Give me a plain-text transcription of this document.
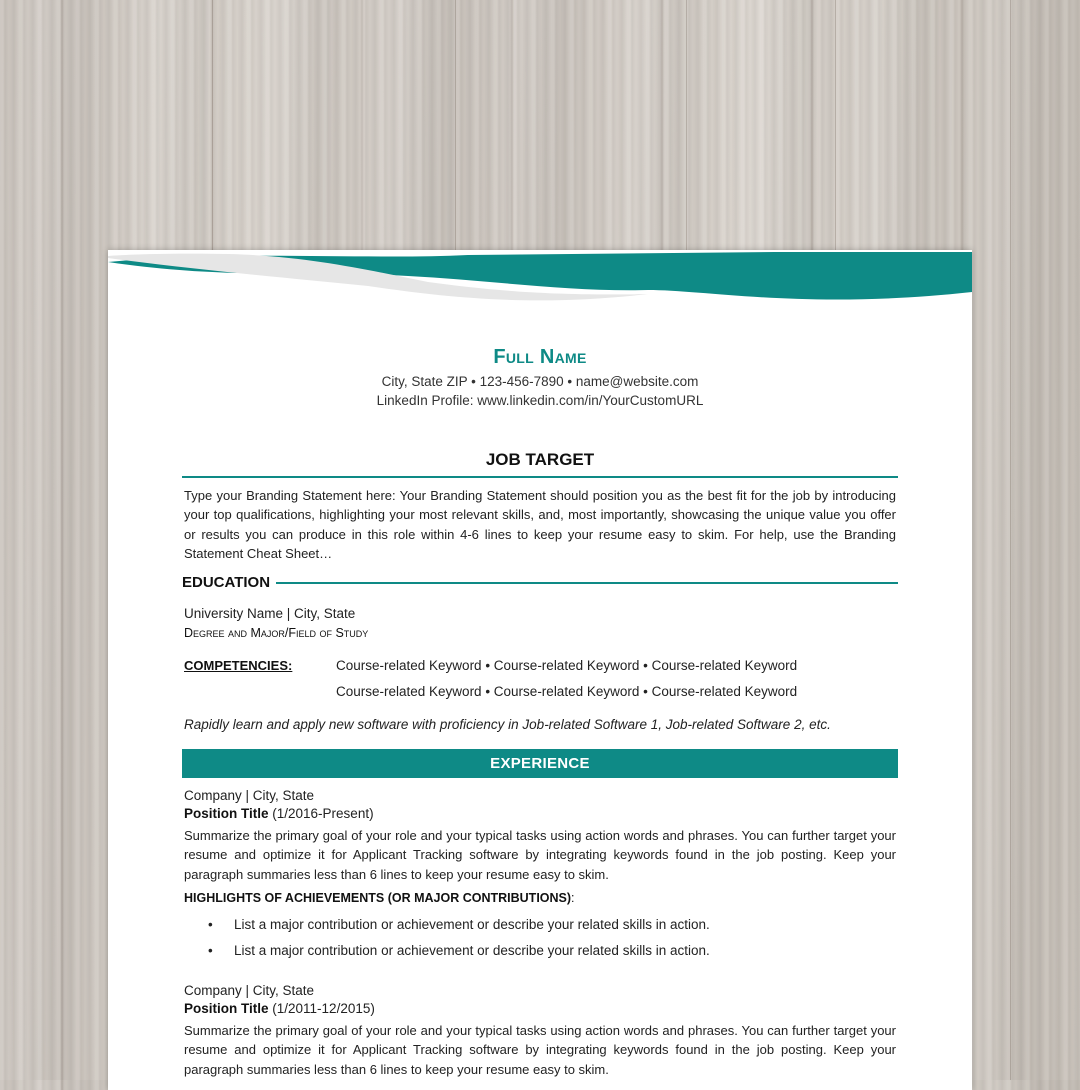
Full Name
City, State ZIP • 123-456-7890 • name@website.com
LinkedIn Profile: www.linkedin.com/in/YourCustomURL
JOB TARGET
Type your Branding Statement here: Your Branding Statement should position you as the best fit for the job by introducing your top qualifications, highlighting your most relevant skills, and, most importantly, showcasing the unique value you offer or results you can produce in this role within 4-6 lines to keep your resume easy to skim. For help, use the Branding Statement Cheat Sheet…
EDUCATION
University Name | City, State
Degree and Major/Field of Study
COMPETENCIES:	Course-related Keyword • Course-related Keyword • Course-related Keyword
Course-related Keyword • Course-related Keyword • Course-related Keyword
Rapidly learn and apply new software with proficiency in Job-related Software 1, Job-related Software 2, etc.
EXPERIENCE
Company | City, State
Position Title (1/2016-Present)
Summarize the primary goal of your role and your typical tasks using action words and phrases. You can further target your resume and optimize it for Applicant Tracking software by integrating keywords found in the job posting. Keep your paragraph summaries less than 6 lines to keep your resume easy to skim.
HIGHLIGHTS OF ACHIEVEMENTS (OR MAJOR CONTRIBUTIONS):
•	List a major contribution or achievement or describe your related skills in action.
•	List a major contribution or achievement or describe your related skills in action.
Company | City, State
Position Title (1/2011-12/2015)
Summarize the primary goal of your role and your typical tasks using action words and phrases. You can further target your resume and optimize it for Applicant Tracking software by integrating keywords found in the job posting. Keep your paragraph summaries less than 6 lines to keep your resume easy to skim.
